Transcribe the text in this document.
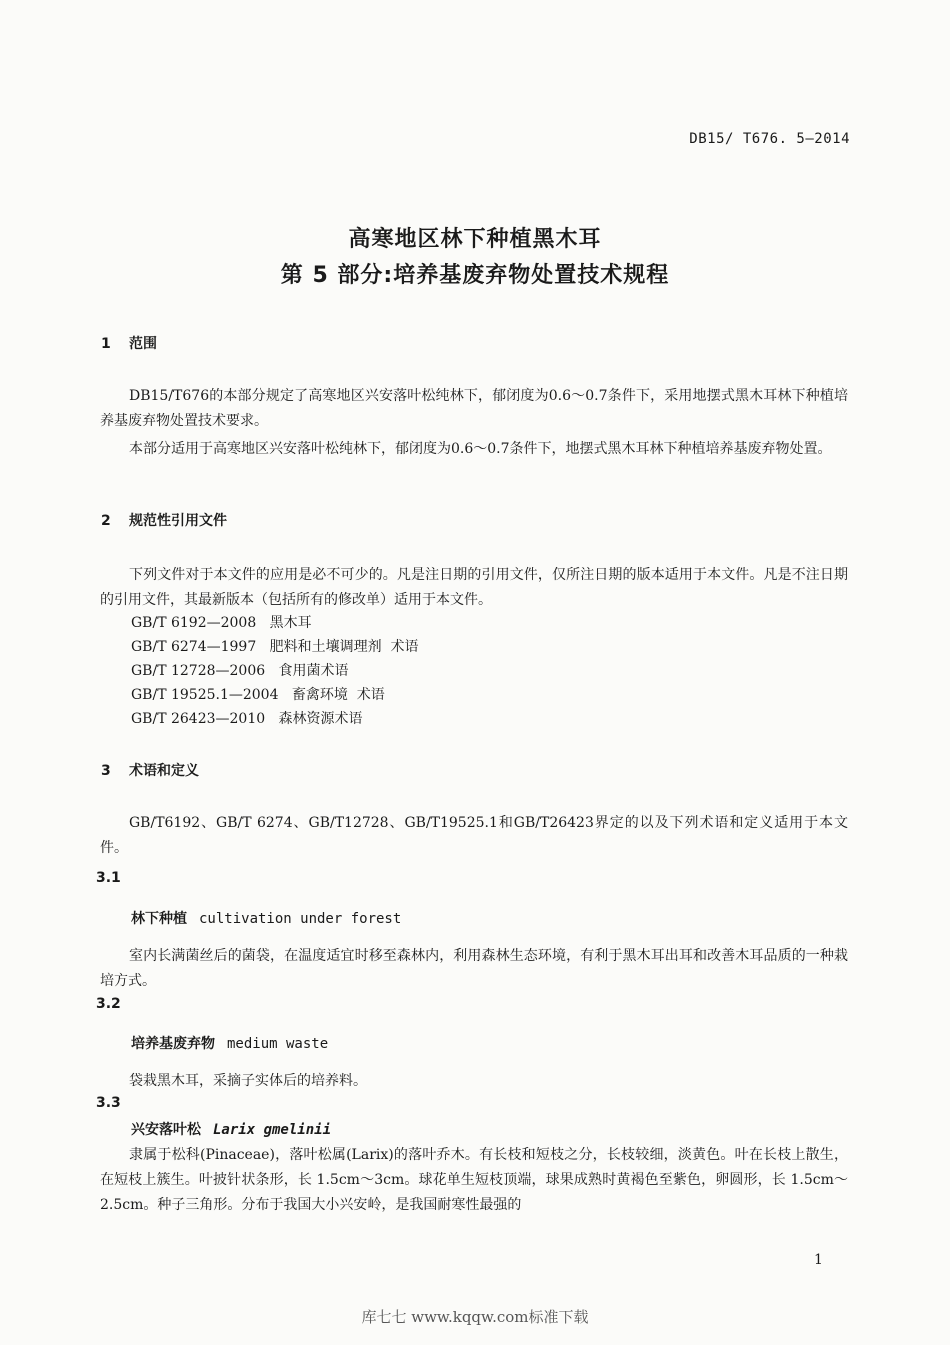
DB15/ T676. 5—2014
高寒地区林下种植黑木耳
第 5 部分:培养基废弃物处置技术规程
1 范围
DB15/T676的本部分规定了高寒地区兴安落叶松纯林下，郁闭度为0.6～0.7条件下，采用地摆式黑木耳林下种植培养基废弃物处置技术要求。
本部分适用于高寒地区兴安落叶松纯林下，郁闭度为0.6～0.7条件下，地摆式黑木耳林下种植培养基废弃物处置。
2 规范性引用文件
下列文件对于本文件的应用是必不可少的。凡是注日期的引用文件，仅所注日期的版本适用于本文件。凡是不注日期的引用文件，其最新版本（包括所有的修改单）适用于本文件。
GB/T 6192—2008   黑木耳
GB/T 6274—1997   肥料和土壤调理剂  术语
GB/T 12728—2006   食用菌术语
GB/T 19525.1—2004   畜禽环境  术语
GB/T 26423—2010   森林资源术语
3 术语和定义
GB/T6192、GB/T 6274、GB/T12728、GB/T19525.1和GB/T26423界定的以及下列术语和定义适用于本文件。
3.1
林下种植 cultivation under forest
室内长满菌丝后的菌袋，在温度适宜时移至森林内，利用森林生态环境，有利于黑木耳出耳和改善木耳品质的一种栽培方式。
3.2
培养基废弃物 medium waste
袋栽黑木耳，采摘子实体后的培养料。
3.3
兴安落叶松 Larix gmelinii
隶属于松科(Pinaceae)，落叶松属(Larix)的落叶乔木。有长枝和短枝之分，长枝较细，淡黄色。叶在长枝上散生，在短枝上簇生。叶披针状条形，长 1.5cm～3cm。球花单生短枝顶端，球果成熟时黄褐色至紫色，卵圆形，长 1.5cm～2.5cm。种子三角形。分布于我国大小兴安岭，是我国耐寒性最强的
1
库七七 www.kqqw.com标准下载
